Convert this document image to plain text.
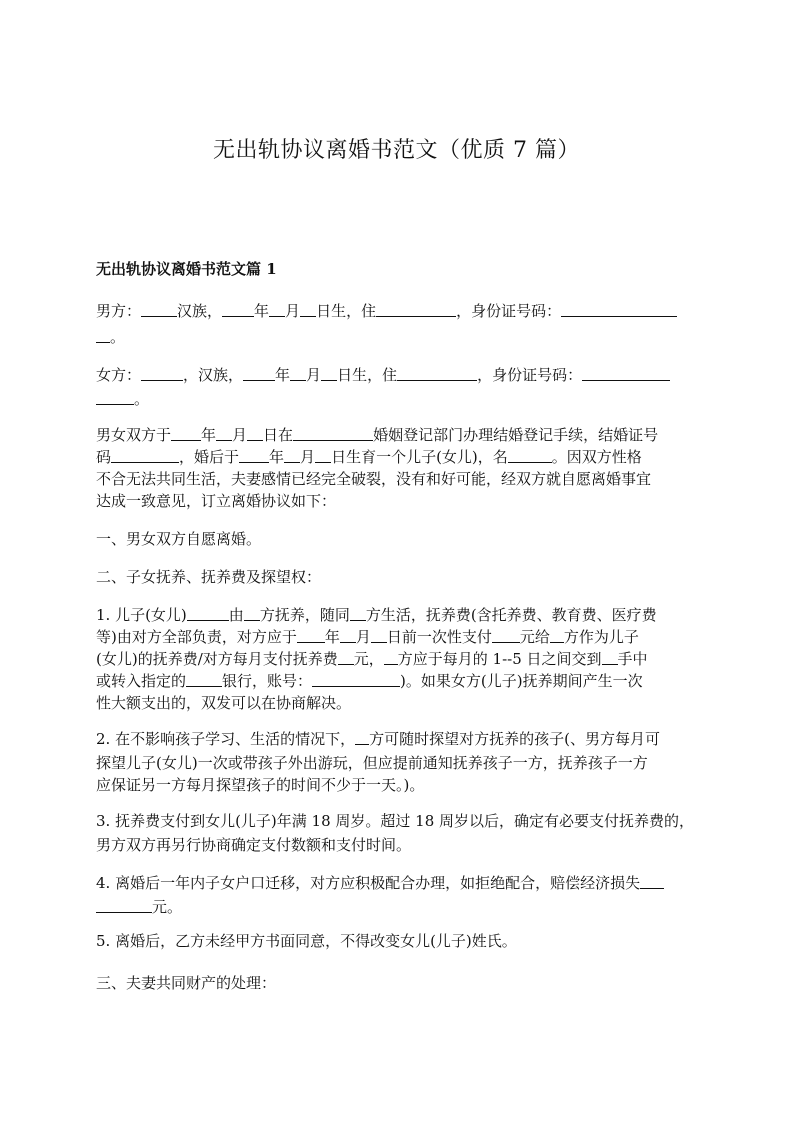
无出轨协议离婚书范文（优质 7 篇）
无出轨协议离婚书范文篇 1
男方： 汉族， 年 月 日生，住	，身份证号码：
。
女方：	，汉族， 年 月 日生，住	，身份证号码：
。
男女双方于 年 月 日在	婚姻登记部门办理结婚登记手续，结婚证号
码	，婚后于 年 月 日生育一个儿子(女儿)，名	。因双方性格
不合无法共同生活，夫妻感情已经完全破裂，没有和好可能，经双方就自愿离婚事宜
达成一致意见，订立离婚协议如下：
一、男女双方自愿离婚。
二、子女抚养、抚养费及探望权：
1. 儿子(女儿)	由 方抚养，随同 方生活，抚养费(含托养费、教育费、医疗费
等)由对方全部负责，对方应于 年 月 日前一次性支付 元给 方作为儿子
(女儿)的抚养费/对方每月支付抚养费 元， 方应于每月的 1--5 日之间交到 手中
或转入指定的 银行，账号：	)。如果女方(儿子)抚养期间产生一次
性大额支出的，双发可以在协商解决。
2. 在不影响孩子学习、生活的情况下， 方可随时探望对方抚养的孩子(、男方每月可
探望儿子(女儿)一次或带孩子外出游玩，但应提前通知抚养孩子一方，抚养孩子一方
应保证另一方每月探望孩子的时间不少于一天。)。
3. 抚养费支付到女儿(儿子)年满 18 周岁。超过 18 周岁以后，确定有必要支付抚养费的，
男方双方再另行协商确定支付数额和支付时间。
4. 离婚后一年内子女户口迁移，对方应积极配合办理，如拒绝配合，赔偿经济损失
元。
5. 离婚后，乙方未经甲方书面同意，不得改变女儿(儿子)姓氏。
三、夫妻共同财产的处理：
